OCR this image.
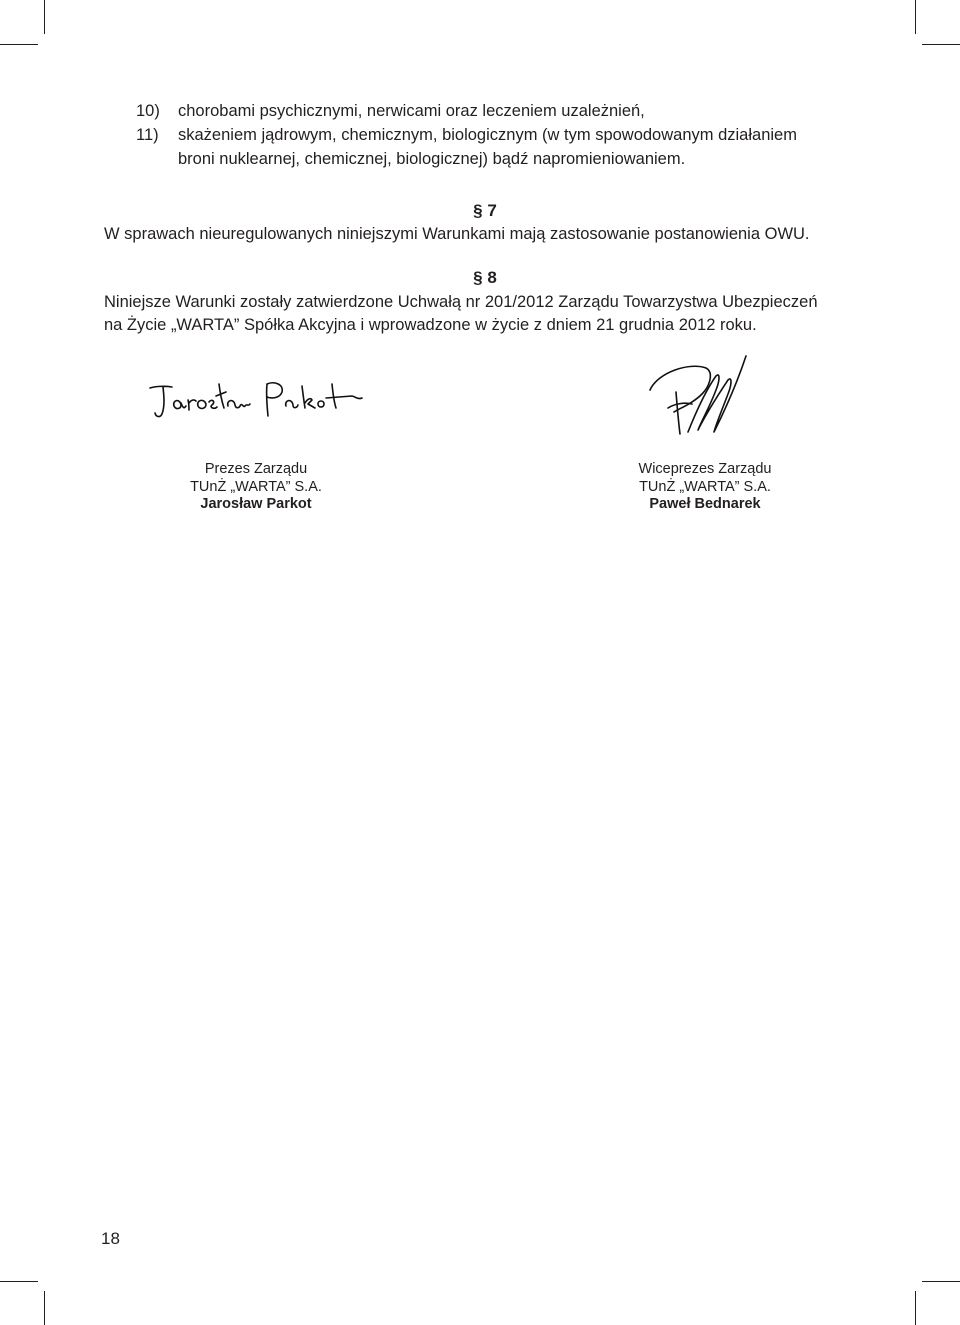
10)	chorobami psychicznymi, nerwicami oraz leczeniem uzależnień,
11)	skażeniem jądrowym, chemicznym, biologicznym (w tym spowodowanym działaniem
broni nuklearnej, chemicznej, biologicznej) bądź napromieniowaniem.
§ 7

W sprawach nieuregulowanych niniejszymi Warunkami mają zastosowanie postanowienia OWU.

§ 8

Niniejsze Warunki zostały zatwierdzone Uchwałą nr 201/2012 Zarządu Towarzystwa Ubezpieczeń

na Życie „WARTA” Spółka Akcyjna i wprowadzone w życie z dniem 21 grudnia 2012 roku.

Prezes Zarządu
TUnŻ „WARTA” S.A.
Jarosław Parkot
Wiceprezes Zarządu
TUnŻ „WARTA” S.A.
Paweł Bednarek
18
